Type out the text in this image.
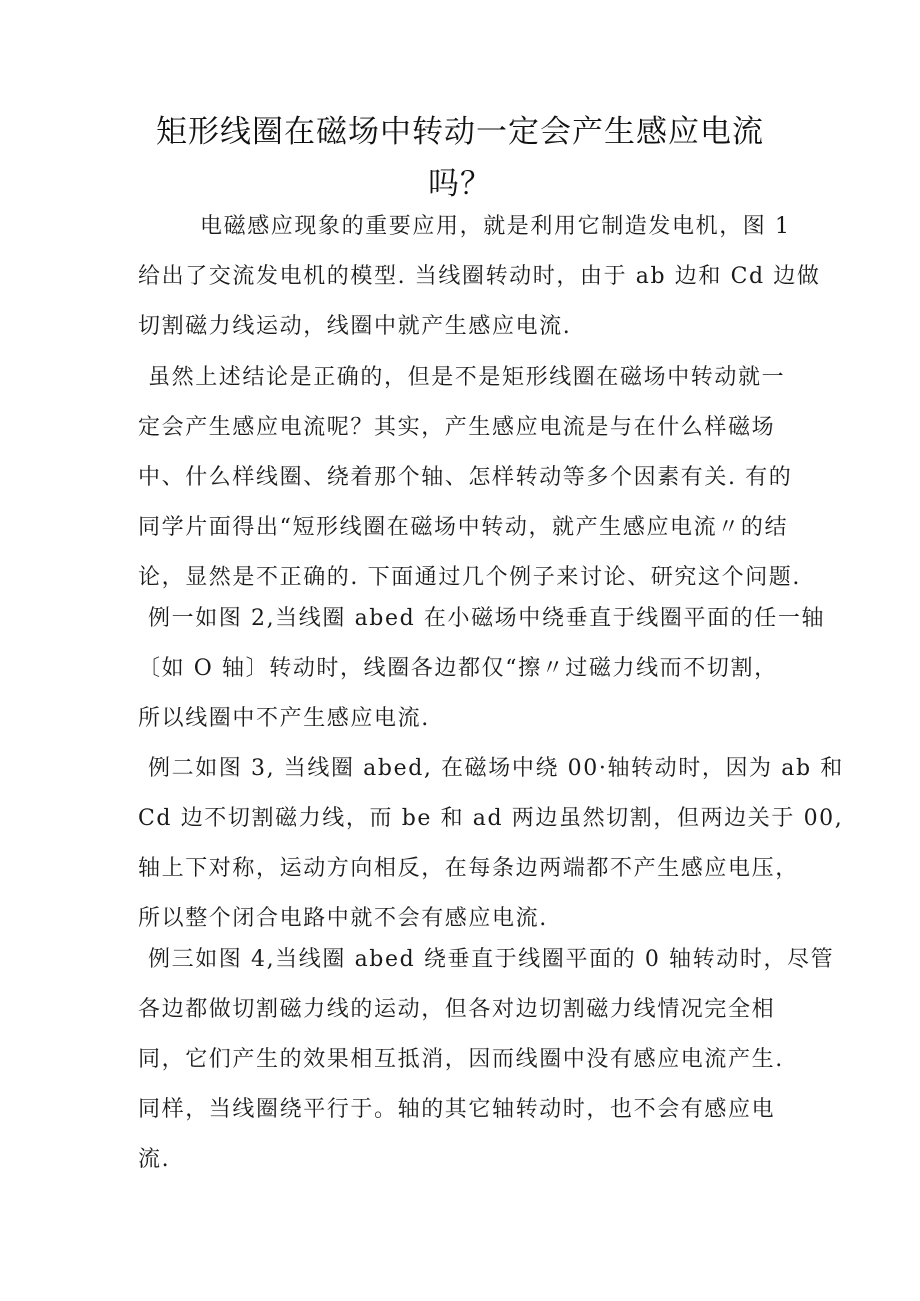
矩形线圈在磁场中转动一定会产生感应电流
吗？
电磁感应现象的重要应用，就是利用它制造发电机，图 1
给出了交流发电机的模型. 当线圈转动时，由于 ab 边和 Cd 边做
切割磁力线运动，线圈中就产生感应电流.
虽然上述结论是正确的，但是不是矩形线圈在磁场中转动就一
定会产生感应电流呢？其实，产生感应电流是与在什么样磁场
中、什么样线圈、绕着那个轴、怎样转动等多个因素有关. 有的
同学片面得出“短形线圈在磁场中转动，就产生感应电流〃的结
论，显然是不正确的. 下面通过几个例子来讨论、研究这个问题.
例一如图 2,当线圈 abed 在小磁场中绕垂直于线圈平面的任一轴
〔如 O 轴〕转动时，线圈各边都仅“擦〃过磁力线而不切割，
所以线圈中不产生感应电流.
例二如图 3, 当线圈 abed, 在磁场中绕 00·轴转动时，因为 ab 和
Cd 边不切割磁力线，而 be 和 ad 两边虽然切割，但两边关于 00,
轴上下对称，运动方向相反，在每条边两端都不产生感应电压，
所以整个闭合电路中就不会有感应电流.
例三如图 4,当线圈 abed 绕垂直于线圈平面的 0 轴转动时，尽管
各边都做切割磁力线的运动，但各对边切割磁力线情况完全相
同，它们产生的效果相互抵消，因而线圈中没有感应电流产生.
同样，当线圈绕平行于。轴的其它轴转动时，也不会有感应电
流.
